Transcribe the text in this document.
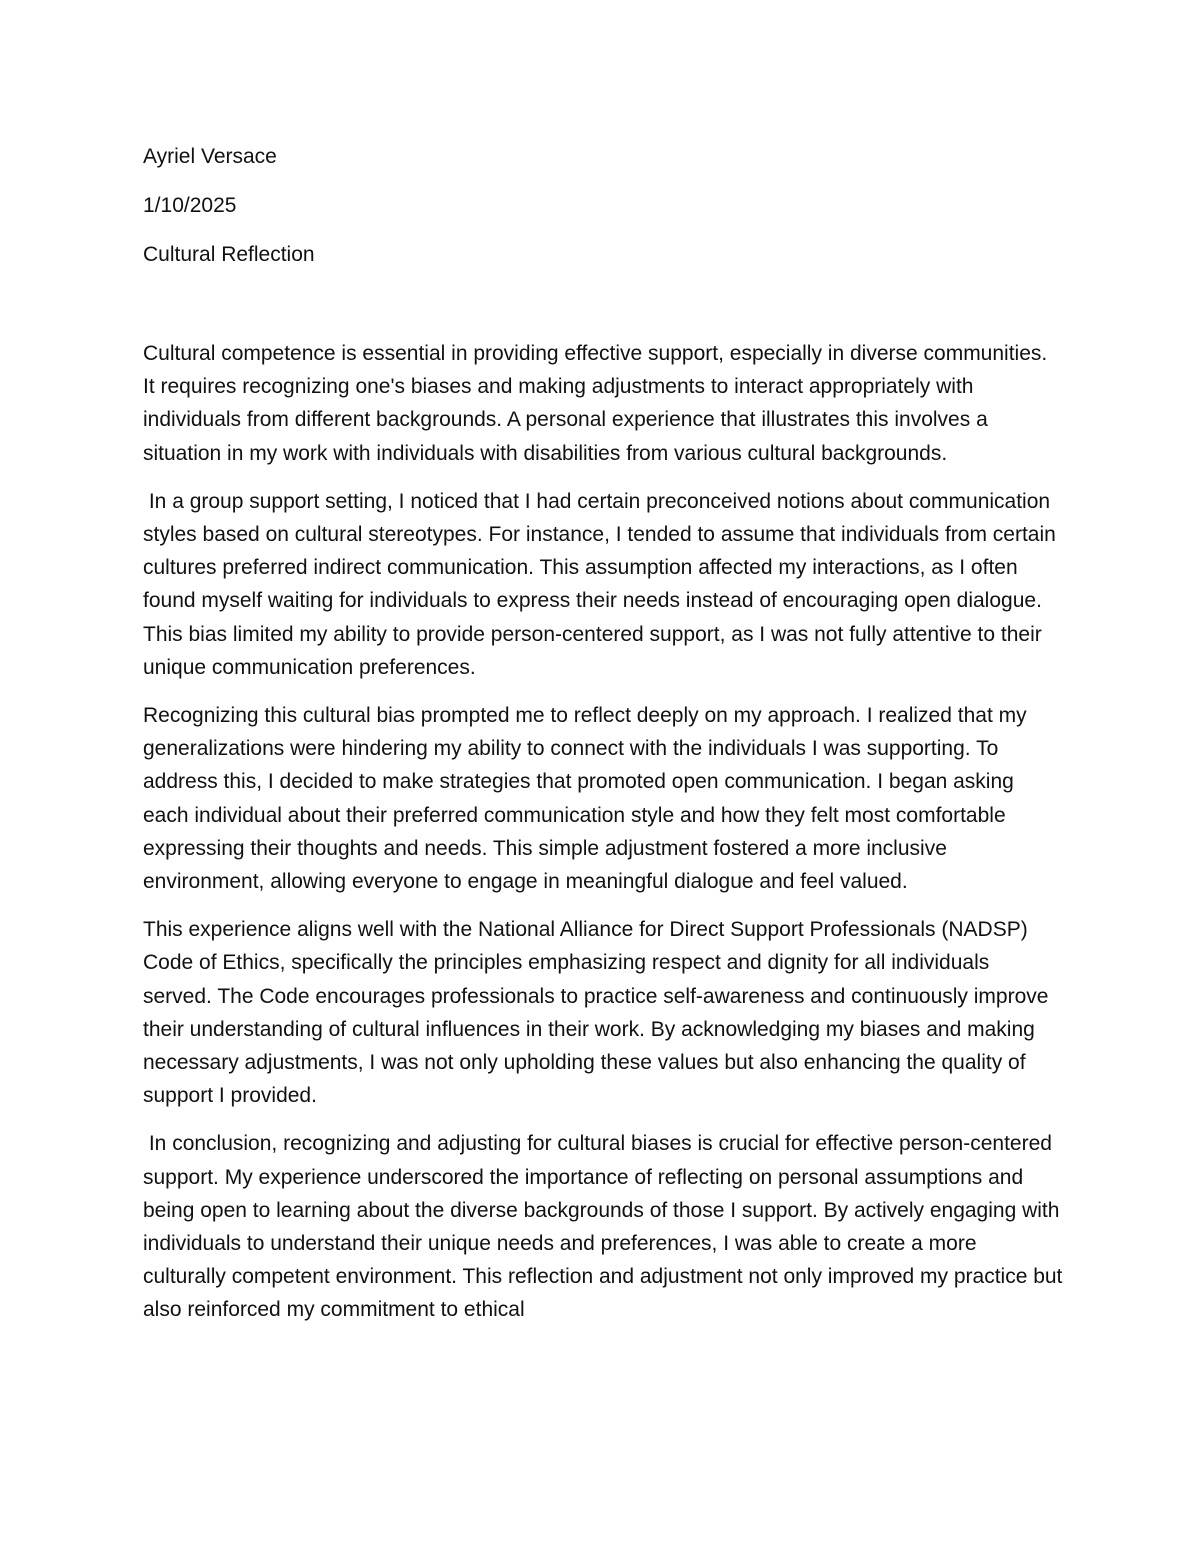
Ayriel Versace

1/10/2025

Cultural Reflection

Cultural competence is essential in providing effective support, especially in diverse communities. It requires recognizing one's biases and making adjustments to interact appropriately with individuals from different backgrounds. A personal experience that illustrates this involves a situation in my work with individuals with disabilities from various cultural backgrounds.

In a group support setting, I noticed that I had certain preconceived notions about communication styles based on cultural stereotypes. For instance, I tended to assume that individuals from certain cultures preferred indirect communication. This assumption affected my interactions, as I often found myself waiting for individuals to express their needs instead of encouraging open dialogue. This bias limited my ability to provide person-centered support, as I was not fully attentive to their unique communication preferences.

Recognizing this cultural bias prompted me to reflect deeply on my approach. I realized that my generalizations were hindering my ability to connect with the individuals I was supporting. To address this, I decided to make strategies that promoted open communication. I began asking each individual about their preferred communication style and how they felt most comfortable expressing their thoughts and needs. This simple adjustment fostered a more inclusive environment, allowing everyone to engage in meaningful dialogue and feel valued.

This experience aligns well with the National Alliance for Direct Support Professionals (NADSP) Code of Ethics, specifically the principles emphasizing respect and dignity for all individuals served. The Code encourages professionals to practice self-awareness and continuously improve their understanding of cultural influences in their work. By acknowledging my biases and making necessary adjustments, I was not only upholding these values but also enhancing the quality of support I provided.

In conclusion, recognizing and adjusting for cultural biases is crucial for effective person-centered support. My experience underscored the importance of reflecting on personal assumptions and being open to learning about the diverse backgrounds of those I support. By actively engaging with individuals to understand their unique needs and preferences, I was able to create a more culturally competent environment. This reflection and adjustment not only improved my practice but also reinforced my commitment to ethical
